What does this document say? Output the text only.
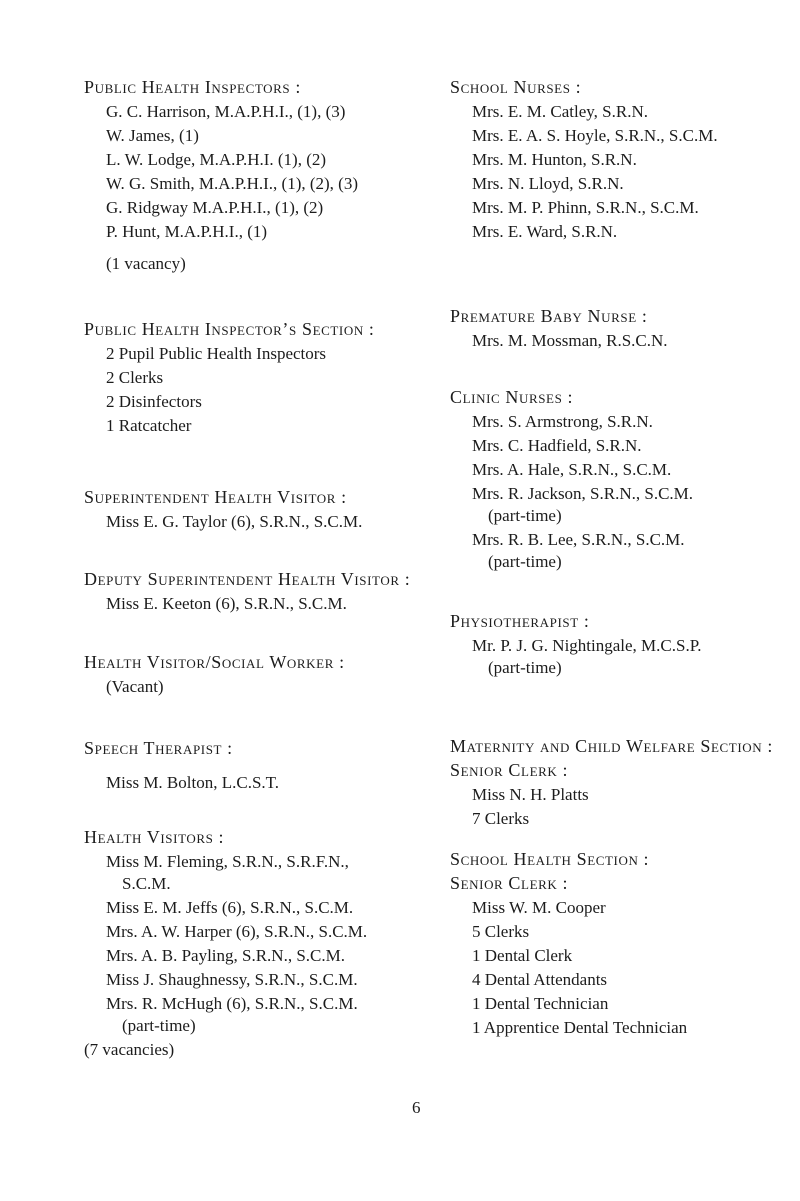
Public Health Inspectors :
G. C. Harrison, M.A.P.H.I., (1), (3)
W. James, (1)
L. W. Lodge, M.A.P.H.I. (1), (2)
W. G. Smith, M.A.P.H.I., (1), (2), (3)
G. Ridgway M.A.P.H.I., (1), (2)
P. Hunt, M.A.P.H.I., (1)
(1 vacancy)
Public Health Inspector’s Section :
2 Pupil Public Health Inspectors
2 Clerks
2 Disinfectors
1 Ratcatcher
Superintendent Health Visitor :
Miss E. G. Taylor (6), S.R.N., S.C.M.
Deputy Superintendent Health Visitor :
Miss E. Keeton (6), S.R.N., S.C.M.
Health Visitor/Social Worker :
(Vacant)
Speech Therapist :
Miss M. Bolton, L.C.S.T.
Health Visitors :
Miss M. Fleming, S.R.N., S.R.F.N.,
S.C.M.
Miss E. M. Jeffs (6), S.R.N., S.C.M.
Mrs. A. W. Harper (6), S.R.N., S.C.M.
Mrs. A. B. Payling, S.R.N., S.C.M.
Miss J. Shaughnessy, S.R.N., S.C.M.
Mrs. R. McHugh (6), S.R.N., S.C.M.
(part-time)
(7 vacancies)
School Nurses :
Mrs. E. M. Catley, S.R.N.
Mrs. E. A. S. Hoyle, S.R.N., S.C.M.
Mrs. M. Hunton, S.R.N.
Mrs. N. Lloyd, S.R.N.
Mrs. M. P. Phinn, S.R.N., S.C.M.
Mrs. E. Ward, S.R.N.
Premature Baby Nurse :
Mrs. M. Mossman, R.S.C.N.
Clinic Nurses :
Mrs. S. Armstrong, S.R.N.
Mrs. C. Hadfield, S.R.N.
Mrs. A. Hale, S.R.N., S.C.M.
Mrs. R. Jackson, S.R.N., S.C.M.
(part-time)
Mrs. R. B. Lee, S.R.N., S.C.M.
(part-time)
Physiotherapist :
Mr. P. J. G. Nightingale, M.C.S.P.
(part-time)
Maternity and Child Welfare Section :
Senior Clerk :
Miss N. H. Platts
7 Clerks
School Health Section :
Senior Clerk :
Miss W. M. Cooper
5 Clerks
1 Dental Clerk
4 Dental Attendants
1 Dental Technician
1 Apprentice Dental Technician
6
